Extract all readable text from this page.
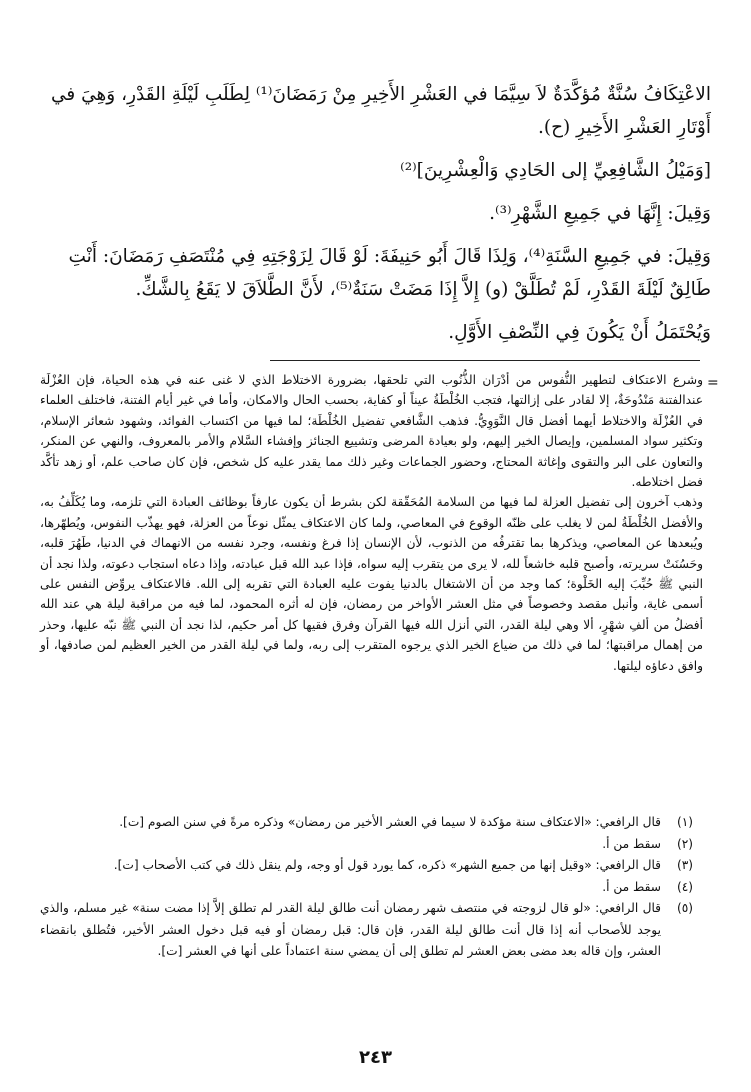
الاعْتِكَافُ سُنَّةٌ مُؤكَّدَةٌ لاَ سِيَّمَا في العَشْرِ الأَخِيرِ مِنْ رَمَضَانَ⁽¹⁾ لِطَلَبِ لَيْلَةِ القَدْرِ، وَهِيَ في أَوْتَارِ العَشْرِ الأَخِيرِ (ح).

[وَمَيْلُ الشَّافِعِيِّ إلى الحَادِي وَالْعِشْرِينَ]⁽²⁾

وَقِيلَ: إِنَّهَا في جَمِيعِ الشَّهْرِ⁽³⁾.

وَقِيلَ: في جَمِيعِ السَّنَةِ⁽⁴⁾، وَلِذَا قَالَ أَبُو حَنِيفَةَ: لَوْ قَالَ لِزَوْجَتِهِ فِي مُنْتَصَفِ رَمَضَانَ: أَنْتِ طَالِقٌ لَيْلَةَ القَدْرِ، لَمْ تُطَلَّقْ (و) إِلاَّ إِذَا مَضَتْ سَنَةٌ⁽⁵⁾، لأَنَّ الطَّلاَقَ لا يَقَعُ بِالشَّكِّ.

وَيُحْتَمَلُ أَنْ يَكُونَ فِي النِّصْفِ الأَوَّلِ.

=

وشرع الاعتكاف لتطهير النُّفوس من أدْرَان الذُّنُوب التي تلحقها، بضرورة الاختلاط الذي لا غنى عنه في هذه الحياة، فإن العُزْلَة عندالفتنة مَنْدُوحَةٌ، إلا لقادر على إزالتها، فتجب الخُلْطَةُ عيناً أو كفاية، بحسب الحال والامكان، وأما في غير أيام الفتنة، فاختلف العلماء في العُزْلَة والاختلاط أيهما أفضل قال النَّوَوِيُّ. فذهب الشَّافعي تفضيل الخُلْطَة؛ لما فيها من اكتساب الفوائد، وشهود شعائر الإسلام، وتكثير سواد المسلمين، وإيصال الخير إليهم، ولو بعيادة المرضى وتشييع الجنائز وإفشاء السَّلام والأمر بالمعروف، والنهي عن المنكر، والتعاون على البر والتقوى وإغاثة المحتاج، وحضور الجماعات وغير ذلك مما يقدر عليه كل شخص، فإن كان صاحب علم، أو زهد تأكَّد فضل اختلاطه.

وذهب آخرون إلى تفضيل العزلة لما فيها من السلامة المُحَقّقة لكن بشرط أن يكون عارفاً بوظائف العبادة التي تلزمه، وما يُكَلِّفُ به، والأفضل الخُلْطَةُ لمن لا يغلب على ظنّه الوقوع في المعاصي، ولما كان الاعتكاف يمثّل نوعاً من العزلة، فهو يهذّب النفوس، ويُطهّرها، ويُبعدها عن المعاصي، ويذكرها بما تقترفُه من الذنوب، لأن الإنسان إذا فرغ ونفسه، وجرد نفسه من الانهماك في الدنيا، طَهُرَ قلبه، وحَسُنَتْ سريرته، وأصبح قلبه خاشعاً لله، لا يرى من يتقرب إليه سواه، فإذا عبد الله قبل عبادته، وإذا دعاه استجاب دعوته، ولذا نجد أن النبي ﷺ حُبِّبَ إليه الخَلْوة؛ كما وجد من أن الاشتغال بالدنيا يفوت عليه العبادة التي تقربه إلى الله. فالاعتكاف يروِّض النفس على أسمى غاية، وأنبل مقصد وخصوصاً في مثل العشر الأواخر من رمضان، فإن له أثره المحمود، لما فيه من مراقبة ليلة هي عند الله أفضلُ من ألفِ شهْرٍ، ألا وهي ليلة القدر، التي أنزل الله فيها القرآن وفرق فقيها كل أمر حكيم، لذا نجد أن النبي ﷺ نبّه عليها، وحذر من إهمال مراقبتها؛ لما في ذلك من ضياع الخير الذي يرجوه المتقرب إلى ربه، ولما في ليلة القدر من الخير العظيم لمن صادفها، أو وافق دعاؤه ليلتها.

(١)
قال الرافعي: «الاعتكاف سنة مؤكدة لا سيما في العشر الأخير من رمضان» وذكره مرةً في سنن الصوم [ت].
(٢)
سقط من أ.
(٣)
قال الرافعي: «وقيل إنها من جميع الشهر» ذكره، كما يورد قول أو وجه، ولم ينقل ذلك في كتب الأصحاب [ت].
(٤)
سقط من أ.
(٥)
قال الرافعي: «لو قال لزوجته في منتصف شهر رمضان أنت طالق ليلة القدر لم تطلق إلاَّ إذا مضت سنة» غير مسلم، والذي يوجد للأصحاب أنه إذا قال أنت طالق ليلة القدر، فإن قال: قبل رمضان أو فيه قبل دخول العشر الأخير، فتُطلق بانقضاء العشر، وإن قاله بعد مضى بعض العشر لم تطلق إلى أن يمضي سنة اعتماداً على أنها في العشر [ت].
٢٤٣
